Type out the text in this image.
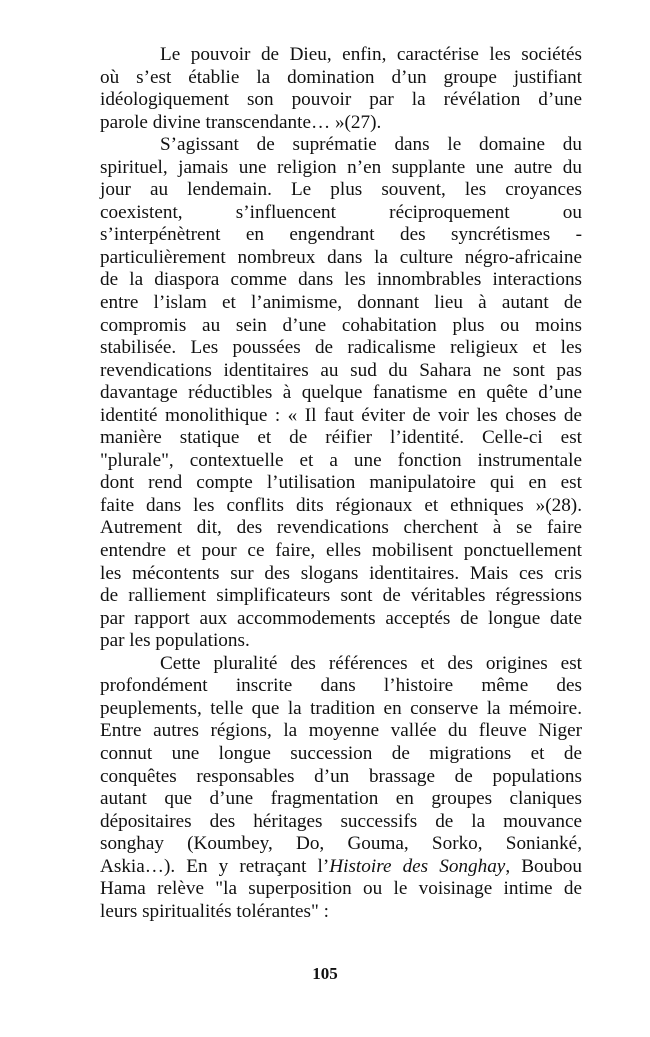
Le pouvoir de Dieu, enfin, caractérise les sociétés
où s’est établie la domination d’un groupe justifiant
idéologiquement son pouvoir par la révélation d’une
parole divine transcendante… »(27).
S’agissant de suprématie dans le domaine du
spirituel, jamais une religion n’en supplante une autre du
jour au lendemain. Le plus souvent, les croyances
coexistent, s’influencent réciproquement ou
s’interpénètrent en engendrant des syncrétismes -
particulièrement nombreux dans la culture négro-africaine
de la diaspora comme dans les innombrables interactions
entre l’islam et l’animisme, donnant lieu à autant de
compromis au sein d’une cohabitation plus ou moins
stabilisée. Les poussées de radicalisme religieux et les
revendications identitaires au sud du Sahara ne sont pas
davantage réductibles à quelque fanatisme en quête d’une
identité monolithique : « Il faut éviter de voir les choses de
manière statique et de réifier l’identité. Celle-ci est
"plurale", contextuelle et a une fonction instrumentale
dont rend compte l’utilisation manipulatoire qui en est
faite dans les conflits dits régionaux et ethniques »(28).
Autrement dit, des revendications cherchent à se faire
entendre et pour ce faire, elles mobilisent ponctuellement
les mécontents sur des slogans identitaires. Mais ces cris
de ralliement simplificateurs sont de véritables régressions
par rapport aux accommodements acceptés de longue date
par les populations.
Cette pluralité des références et des origines est
profondément inscrite dans l’histoire même des
peuplements, telle que la tradition en conserve la mémoire.
Entre autres régions, la moyenne vallée du fleuve Niger
connut une longue succession de migrations et de
conquêtes responsables d’un brassage de populations
autant que d’une fragmentation en groupes claniques
dépositaires des héritages successifs de la mouvance
songhay (Koumbey, Do, Gouma, Sorko, Sonianké,
Askia…). En y retraçant l’Histoire des Songhay, Boubou
Hama relève "la superposition ou le voisinage intime de
leurs spiritualités tolérantes" :
105
